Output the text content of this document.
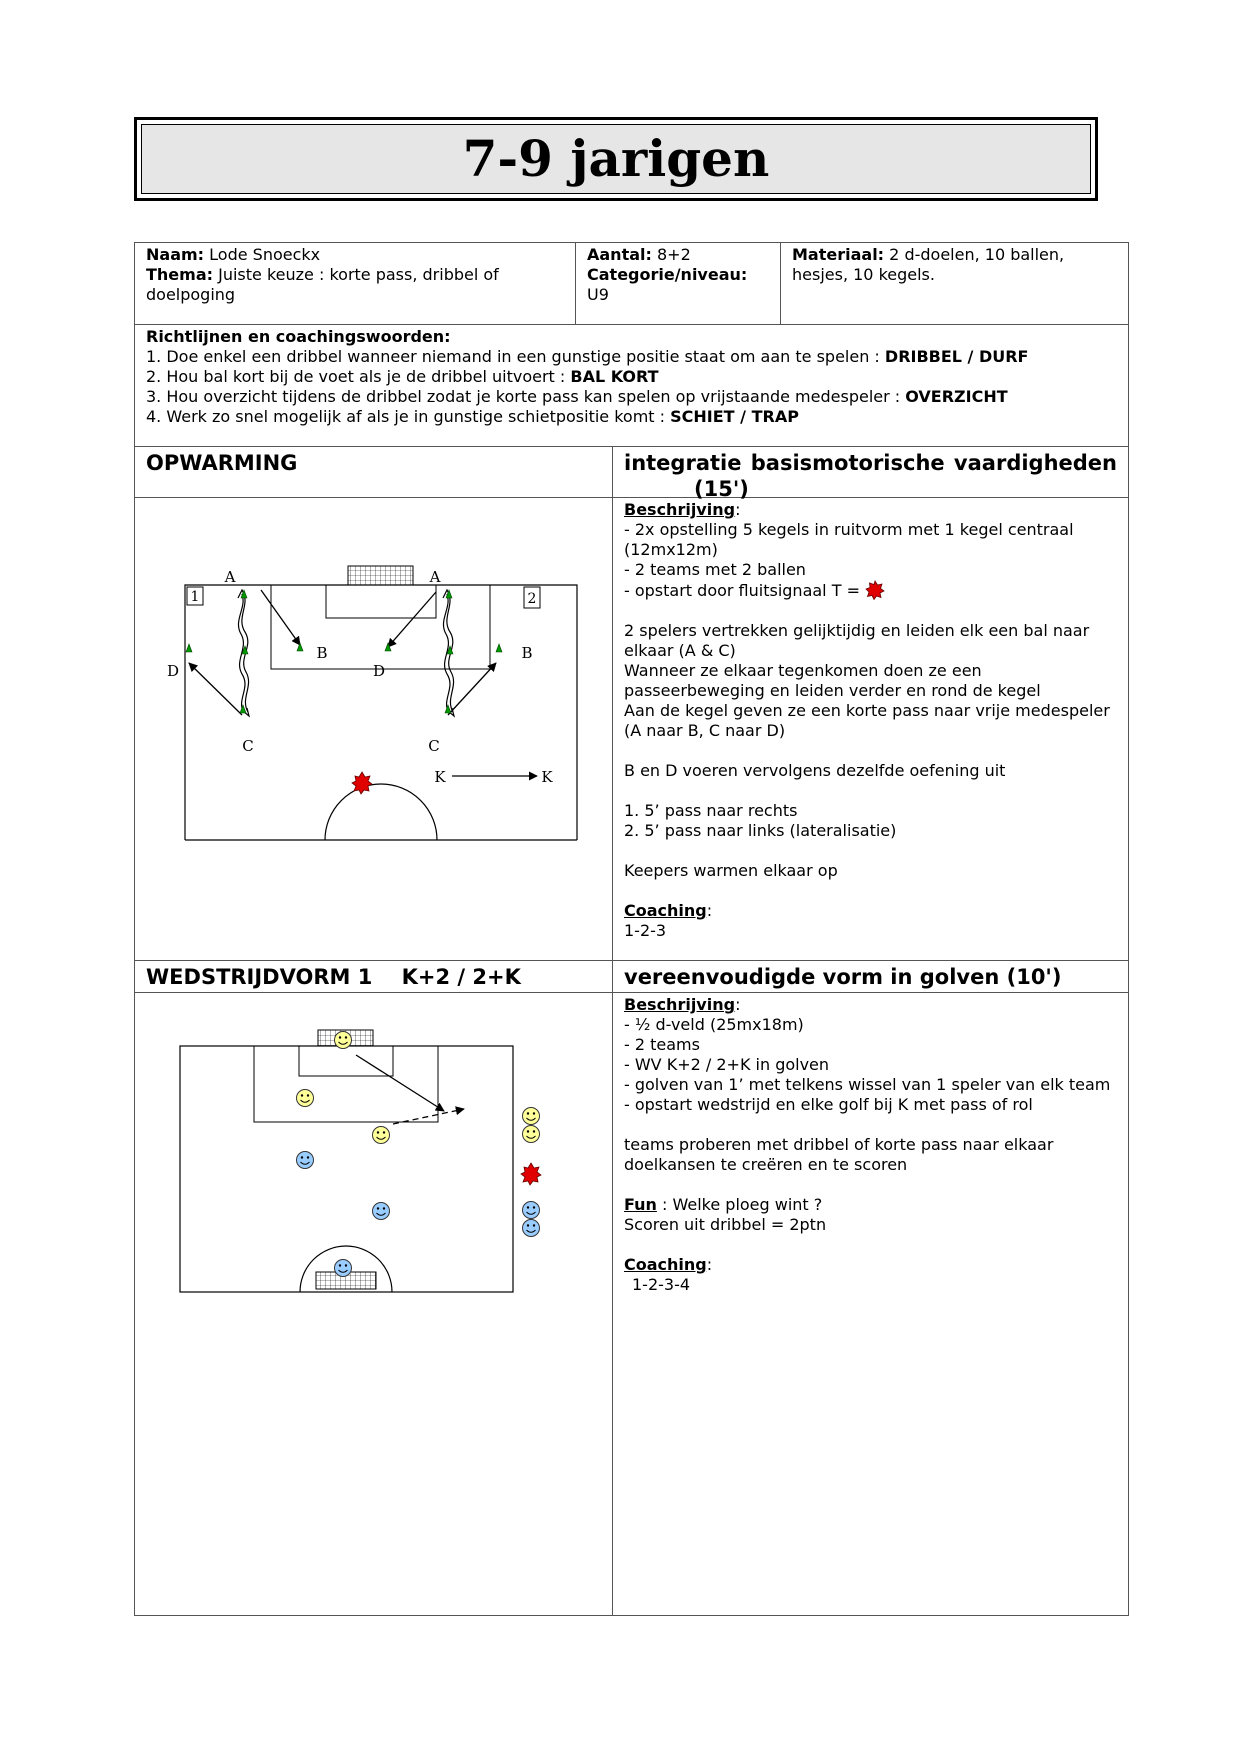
7-9 jarigen
Naam: Lode Snoeckx
Thema: Juiste keuze : korte pass, dribbel of doelpoging
Aantal: 8+2
Categorie/niveau:
U9
Materiaal: 2 d-doelen, 10 ballen, hesjes, 10 kegels.
Richtlijnen en coachingswoorden:
1. Doe enkel een dribbel wanneer niemand in een gunstige positie staat om aan te spelen : DRIBBEL / DURF
2. Hou bal kort bij de voet als je de dribbel uitvoert : BAL KORT
3. Hou overzicht tijdens de dribbel zodat je korte pass kan spelen op vrijstaande medespeler : OVERZICHT
4. Werk zo snel mogelijk af als je in gunstige schietpositie komt : SCHIET / TRAP
OPWARMING	integratie basismotorische vaardigheden
(15')
Beschrijving:
- 2x opstelling 5 kegels in ruitvorm met 1 kegel centraal (12mx12m)
- 2 teams met 2 ballen
- opstart door fluitsignaal T =
2 spelers vertrekken gelijktijdig en leiden elk een bal naar elkaar (A & C)
Wanneer ze elkaar tegenkomen doen ze een passeerbeweging en leiden verder en rond de kegel
Aan de kegel geven ze een korte pass naar vrije medespeler (A naar B, C naar D)
B en D voeren vervolgens dezelfde oefening uit
1. 5’ pass naar rechts
2. 5’ pass naar links (lateralisatie)
Keepers warmen elkaar op
Coaching:
1-2-3
1	2
A	A
B	B
D	D
C	C
K	K
WEDSTRIJDVORM 1    K+2 / 2+K	vereenvoudigde vorm in golven (10')
Beschrijving:
- ½ d-veld (25mx18m)
- 2 teams
- WV K+2 / 2+K in golven
- golven van 1’ met telkens wissel van 1 speler van elk team
- opstart wedstrijd en elke golf bij K met pass of rol
teams proberen met dribbel of korte pass naar elkaar doelkansen te creëren en te scoren
Fun : Welke ploeg wint ?
Scoren uit dribbel = 2ptn
Coaching:
1-2-3-4
